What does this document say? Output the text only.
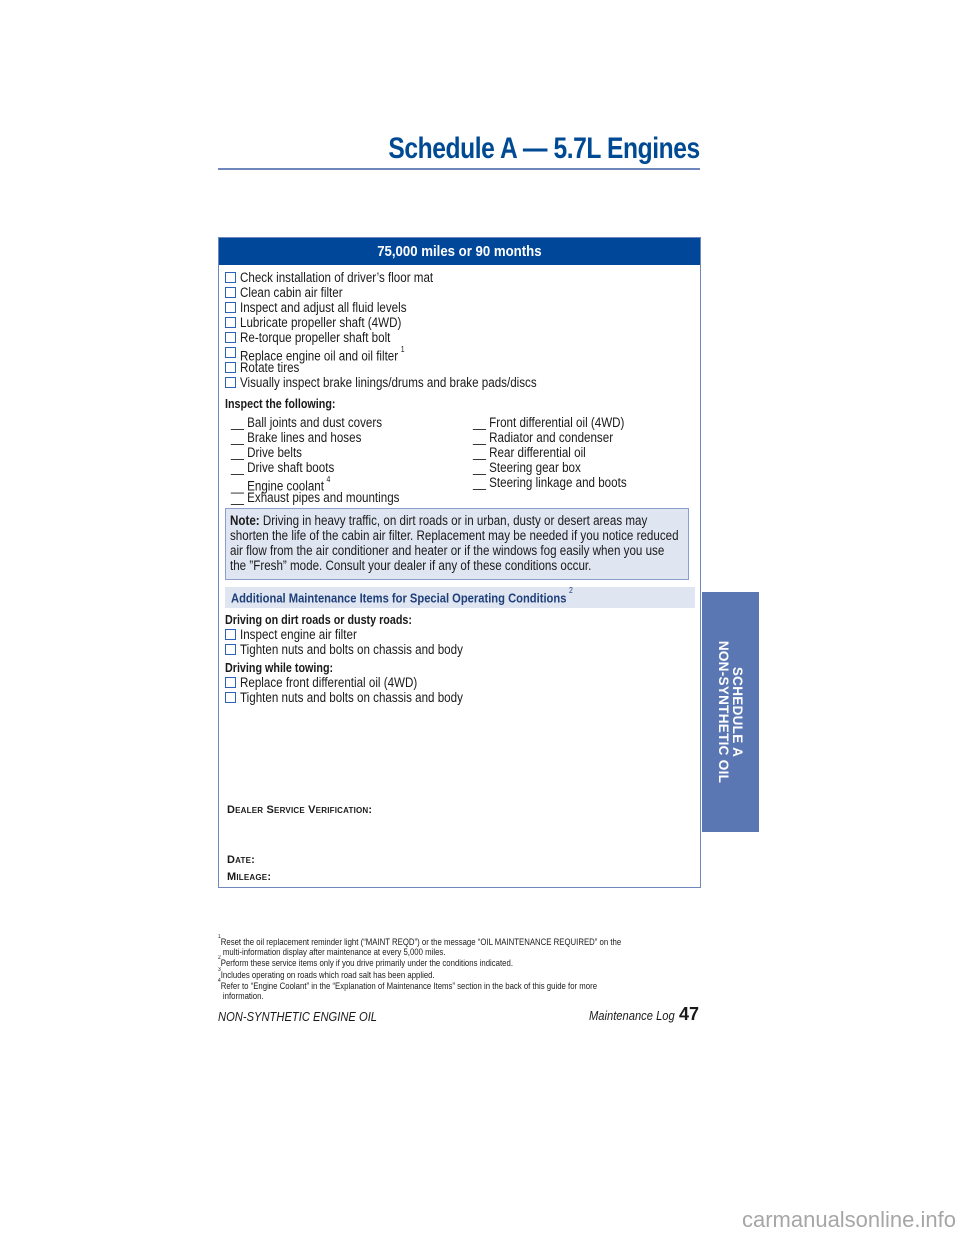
Schedule A — 5.7L Engines
75,000 miles or 90 months
Check installation of driver’s floor mat
Clean cabin air filter
Inspect and adjust all fluid levels
Lubricate propeller shaft (4WD)
Re-torque propeller shaft bolt
Replace engine oil and oil filter $^1$
Rotate tires
Visually inspect brake linings/drums and brake pads/discs
Inspect the following:
__ Ball joints and dust covers
__ Brake lines and hoses
__ Drive belts
__ Drive shaft boots
__ Engine coolant $^4$
__ Exhaust pipes and mountings
__ Front differential oil (4WD)
__ Radiator and condenser
__ Rear differential oil
__ Steering gear box
__ Steering linkage and boots
Note: Driving in heavy traffic, on dirt roads or in urban, dusty or desert areas may
shorten the life of the cabin air filter. Replacement may be needed if you notice reduced
air flow from the air conditioner and heater or if the windows fog easily when you use
the ”Fresh” mode. Consult your dealer if any of these conditions occur.
Additional Maintenance Items for Special Operating Conditions $^2$
Driving on dirt roads or dusty roads:
Inspect engine air filter
Tighten nuts and bolts on chassis and body
Driving while towing:
Replace front differential oil (4WD)
Tighten nuts and bolts on chassis and body
Dealer Service Verification:
Date:
Mileage:
SCHEDULE A
NON-SYNTHETIC OIL
$^1$Reset the oil replacement reminder light (“MAINT REQD”) or the message “OIL MAINTENANCE REQUIRED” on the
multi-information display after maintenance at every 5,000 miles.
$^2$Perform these service items only if you drive primarily under the conditions indicated.
$^3$Includes operating on roads which road salt has been applied.
$^4$Refer to “Engine Coolant” in the “Explanation of Maintenance Items” section in the back of this guide for more
information.
NON-SYNTHETIC ENGINE OIL	Maintenance Log 47
carmanualsonline.info
